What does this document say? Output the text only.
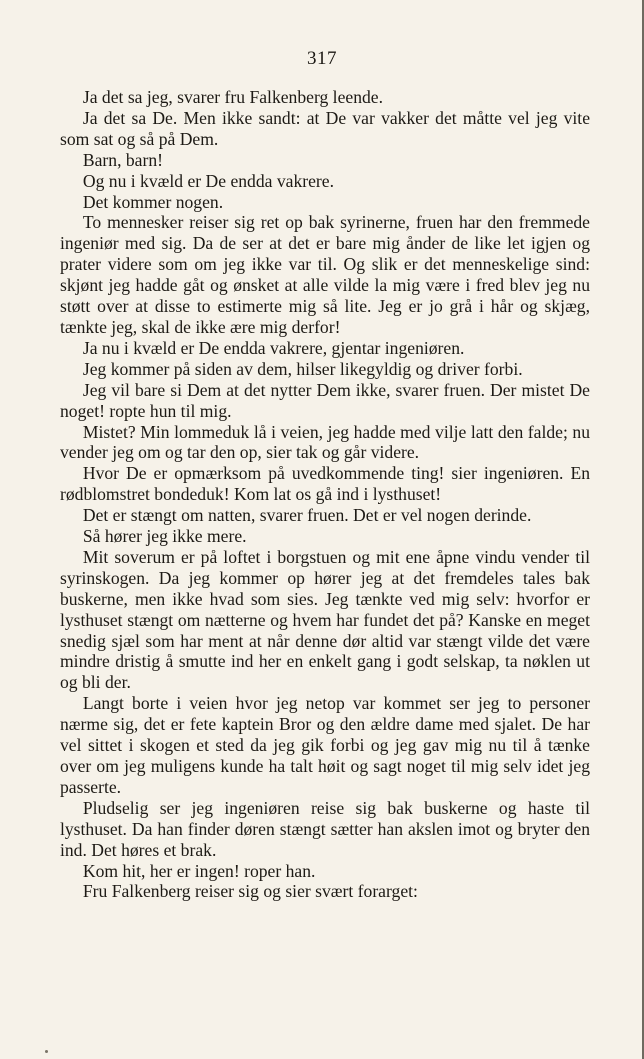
317

Ja det sa jeg, svarer fru Falkenberg leende.

Ja det sa De. Men ikke sandt: at De var vakker det måtte vel jeg vite som sat og så på Dem.

Barn, barn!

Og nu i kvæld er De endda vakrere.

Det kommer nogen.

To mennesker reiser sig ret op bak syrinerne, fruen har den fremmede ingeniør med sig. Da de ser at det er bare mig ånder de like let igjen og prater videre som om jeg ikke var til. Og slik er det menneskelige sind: skjønt jeg hadde gåt og ønsket at alle vilde la mig være i fred blev jeg nu støtt over at disse to estimerte mig så lite. Jeg er jo grå i hår og skjæg, tænkte jeg, skal de ikke ære mig derfor!

Ja nu i kvæld er De endda vakrere, gjentar ingeniøren.

Jeg kommer på siden av dem, hilser likegyldig og driver forbi.

Jeg vil bare si Dem at det nytter Dem ikke, svarer fruen. Der mistet De noget! ropte hun til mig.

Mistet? Min lommeduk lå i veien, jeg hadde med vilje latt den falde; nu vender jeg om og tar den op, sier tak og går videre.

Hvor De er opmærksom på uvedkommende ting! sier ingeniøren. En rødblomstret bondeduk! Kom lat os gå ind i lysthuset!

Det er stængt om natten, svarer fruen. Det er vel nogen derinde.

Så hører jeg ikke mere.

Mit soverum er på loftet i borgstuen og mit ene åpne vindu vender til syrinskogen. Da jeg kommer op hører jeg at det fremdeles tales bak buskerne, men ikke hvad som sies. Jeg tænkte ved mig selv: hvorfor er lysthuset stængt om nætterne og hvem har fundet det på? Kanske en meget snedig sjæl som har ment at når denne dør altid var stængt vilde det være mindre dristig å smutte ind her en enkelt gang i godt selskap, ta nøklen ut og bli der.

Langt borte i veien hvor jeg netop var kommet ser jeg to personer nærme sig, det er fete kaptein Bror og den ældre dame med sjalet. De har vel sittet i skogen et sted da jeg gik forbi og jeg gav mig nu til å tænke over om jeg muligens kunde ha talt høit og sagt noget til mig selv idet jeg passerte.

Pludselig ser jeg ingeniøren reise sig bak buskerne og haste til lysthuset. Da han finder døren stængt sætter han akslen imot og bryter den ind. Det høres et brak.

Kom hit, her er ingen! roper han.

Fru Falkenberg reiser sig og sier svært forarget:
